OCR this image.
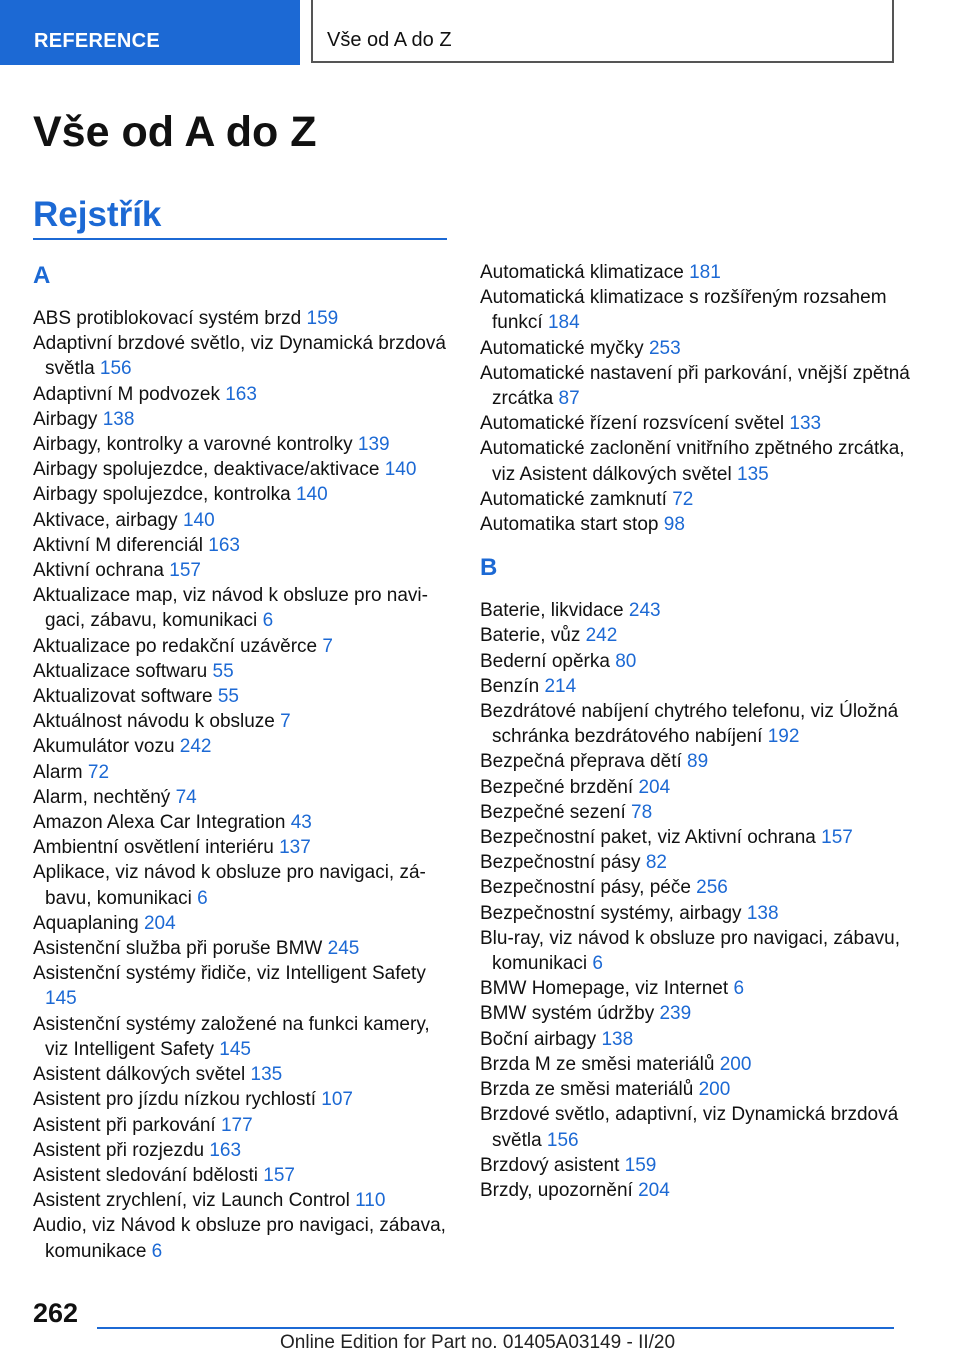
REFERENCE	Vše od A do Z
Vše od A do Z
Rejstřík
A
ABS protiblokovací systém brzd 159
Adaptivní brzdové světlo, viz Dynamická brzdová světla 156
Adaptivní M podvozek 163
Airbagy 138
Airbagy, kontrolky a varovné kontrolky 139
Airbagy spolujezdce, deaktivace/aktivace 140
Airbagy spolujezdce, kontrolka 140
Aktivace, airbagy 140
Aktivní M diferenciál 163
Aktivní ochrana 157
Aktualizace map, viz návod k obsluze pro navigaci, zábavu, komunikaci 6
Aktualizace po redakční uzávěrce 7
Aktualizace softwaru 55
Aktualizovat software 55
Aktuálnost návodu k obsluze 7
Akumulátor vozu 242
Alarm 72
Alarm, nechtěný 74
Amazon Alexa Car Integration 43
Ambientní osvětlení interiéru 137
Aplikace, viz návod k obsluze pro navigaci, zábavu, komunikaci 6
Aquaplaning 204
Asistenční služba při poruše BMW 245
Asistenční systémy řidiče, viz Intelligent Safety 145
Asistenční systémy založené na funkci kamery, viz Intelligent Safety 145
Asistent dálkových světel 135
Asistent pro jízdu nízkou rychlostí 107
Asistent při parkování 177
Asistent při rozjezdu 163
Asistent sledování bdělosti 157
Asistent zrychlení, viz Launch Control 110
Audio, viz Návod k obsluze pro navigaci, zábava, komunikace 6
Automatická klimatizace 181
Automatická klimatizace s rozšířeným rozsahem funkcí 184
Automatické myčky 253
Automatické nastavení při parkování, vnější zpětná zrcátka 87
Automatické řízení rozsvícení světel 133
Automatické zaclonění vnitřního zpětného zrcátka, viz Asistent dálkových světel 135
Automatické zamknutí 72
Automatika start stop 98
B
Baterie, likvidace 243
Baterie, vůz 242
Bederní opěrka 80
Benzín 214
Bezdrátové nabíjení chytrého telefonu, viz Úložná schránka bezdrátového nabíjení 192
Bezpečná přeprava dětí 89
Bezpečné brzdění 204
Bezpečné sezení 78
Bezpečnostní paket, viz Aktivní ochrana 157
Bezpečnostní pásy 82
Bezpečnostní pásy, péče 256
Bezpečnostní systémy, airbagy 138
Blu-ray, viz návod k obsluze pro navigaci, zábavu, komunikaci 6
BMW Homepage, viz Internet 6
BMW systém údržby 239
Boční airbagy 138
Brzda M ze směsi materiálů 200
Brzda ze směsi materiálů 200
Brzdové světlo, adaptivní, viz Dynamická brzdová světla 156
Brzdový asistent 159
Brzdy, upozornění 204
262
Online Edition for Part no. 01405A03149 - II/20
